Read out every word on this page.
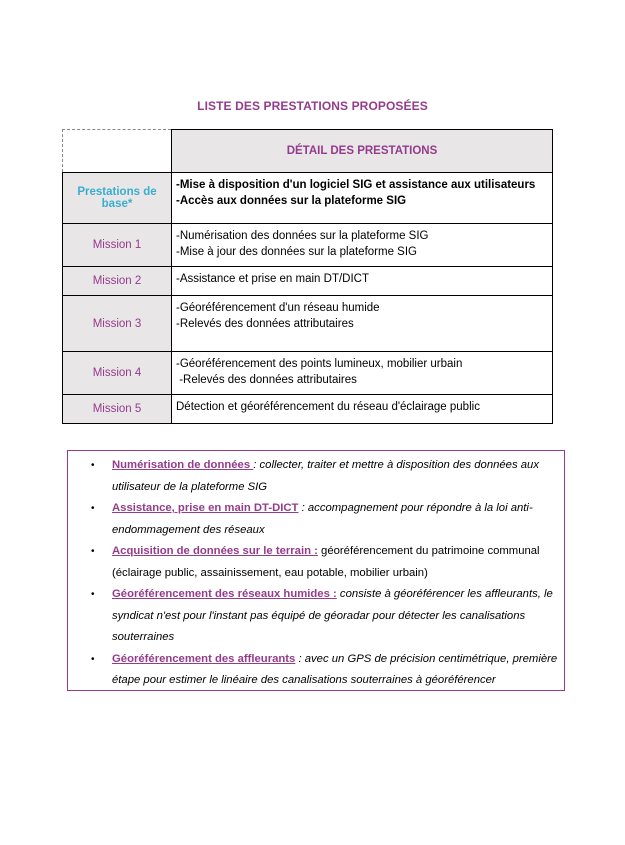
LISTE DES PRESTATIONS PROPOSÉES
	DÉTAIL DES PRESTATIONS
Prestations de base*	-Mise à disposition d'un logiciel SIG et assistance aux utilisateurs
-Accès aux données sur la plateforme SIG

Mission 1	-Numérisation des données sur la plateforme SIG
-Mise à jour des données sur la plateforme SIG

Mission 2	-Assistance et prise en main DT/DICT

Mission 3	-Géoréférencement d'un réseau humide
-Relevés des données attributaires

Mission 4	-Géoréférencement des points lumineux, mobilier urbain
-Relevés des données attributaires

Mission 5	Détection et géoréférencement du réseau d'éclairage public
• Numérisation de données : collecter, traiter et mettre à disposition des données aux utilisateur de la plateforme SIG
• Assistance, prise en main DT-DICT : accompagnement pour répondre à la loi anti-endommagement des réseaux
• Acquisition de données sur le terrain : géoréférencement du patrimoine communal (éclairage public, assainissement, eau potable, mobilier urbain)
• Géoréférencement des réseaux humides : consiste à géoréférencer les affleurants, le syndicat n'est pour l'instant pas équipé de géoradar pour détecter les canalisations souterraines
• Géoréférencement des affleurants : avec un GPS de précision centimétrique, première étape pour estimer le linéaire des canalisations souterraines à géoréférencer
